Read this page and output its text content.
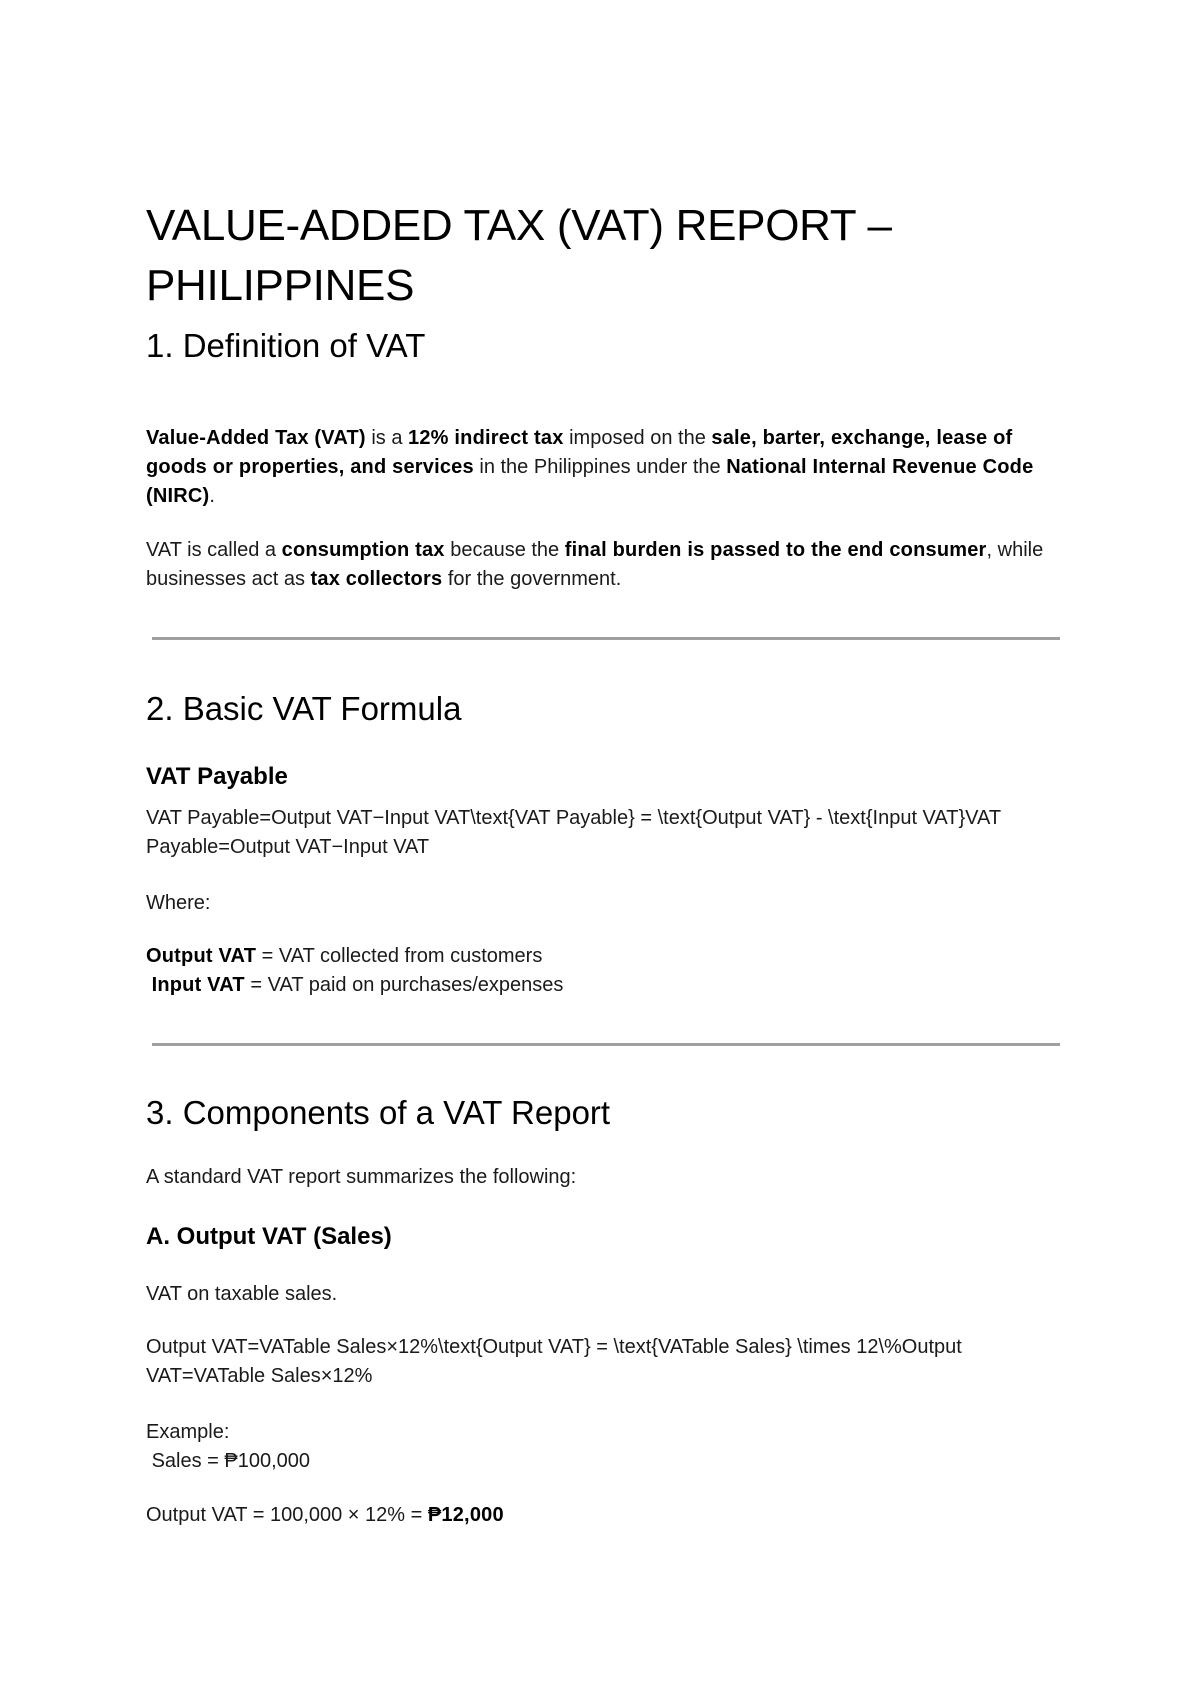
VALUE-ADDED TAX (VAT) REPORT – PHILIPPINES
1. Definition of VAT

Value-Added Tax (VAT) is a 12% indirect tax imposed on the sale, barter, exchange, lease of goods or properties, and services in the Philippines under the National Internal Revenue Code (NIRC).

VAT is called a consumption tax because the final burden is passed to the end consumer, while businesses act as tax collectors for the government.

2. Basic VAT Formula
VAT Payable

VAT Payable=Output VAT−Input VAT\text{VAT Payable} = \text{Output VAT} - \text{Input VAT}VAT Payable=Output VAT−Input VAT

Where:

Output VAT = VAT collected from customers
Input VAT = VAT paid on purchases/expenses

3. Components of a VAT Report

A standard VAT report summarizes the following:

A. Output VAT (Sales)

VAT on taxable sales.

Output VAT=VATable Sales×12%\text{Output VAT} = \text{VATable Sales} \times 12\%Output VAT=VATable Sales×12%

Example:
Sales = ₱100,000

Output VAT = 100,000 × 12% = ₱12,000
